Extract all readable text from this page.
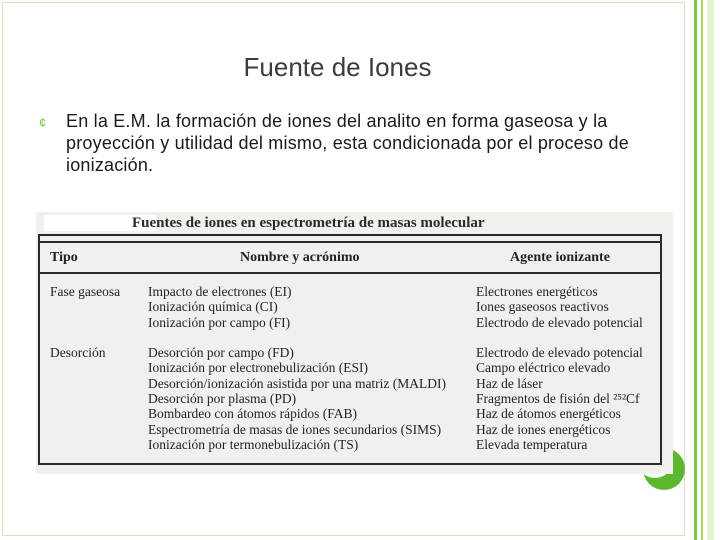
Fuente de Iones
¢ En la E.M. la formación de iones del analito en forma gaseosa y la proyección y utilidad del mismo, esta condicionada por el proceso de ionización.
Fuentes de iones en espectrometría de masas molecular
Tipo	Nombre y acrónimo	Agente ionizante
Fase gaseosa

Desorción
Impacto de electrones (EI)
Ionización química (CI)
Ionización por campo (FI)

Desorción por campo (FD)
Ionización por electronebulización (ESI)
Desorción/ionización asistida por una matriz (MALDI)
Desorción por plasma (PD)
Bombardeo con átomos rápidos (FAB)
Espectrometría de masas de iones secundarios (SIMS)
Ionización por termonebulización (TS)
Electrones energéticos
Iones gaseosos reactivos
Electrodo de elevado potencial

Electrodo de elevado potencial
Campo eléctrico elevado
Haz de láser
Fragmentos de fisión del ²⁵²Cf
Haz de átomos energéticos
Haz de iones energéticos
Elevada temperatura
